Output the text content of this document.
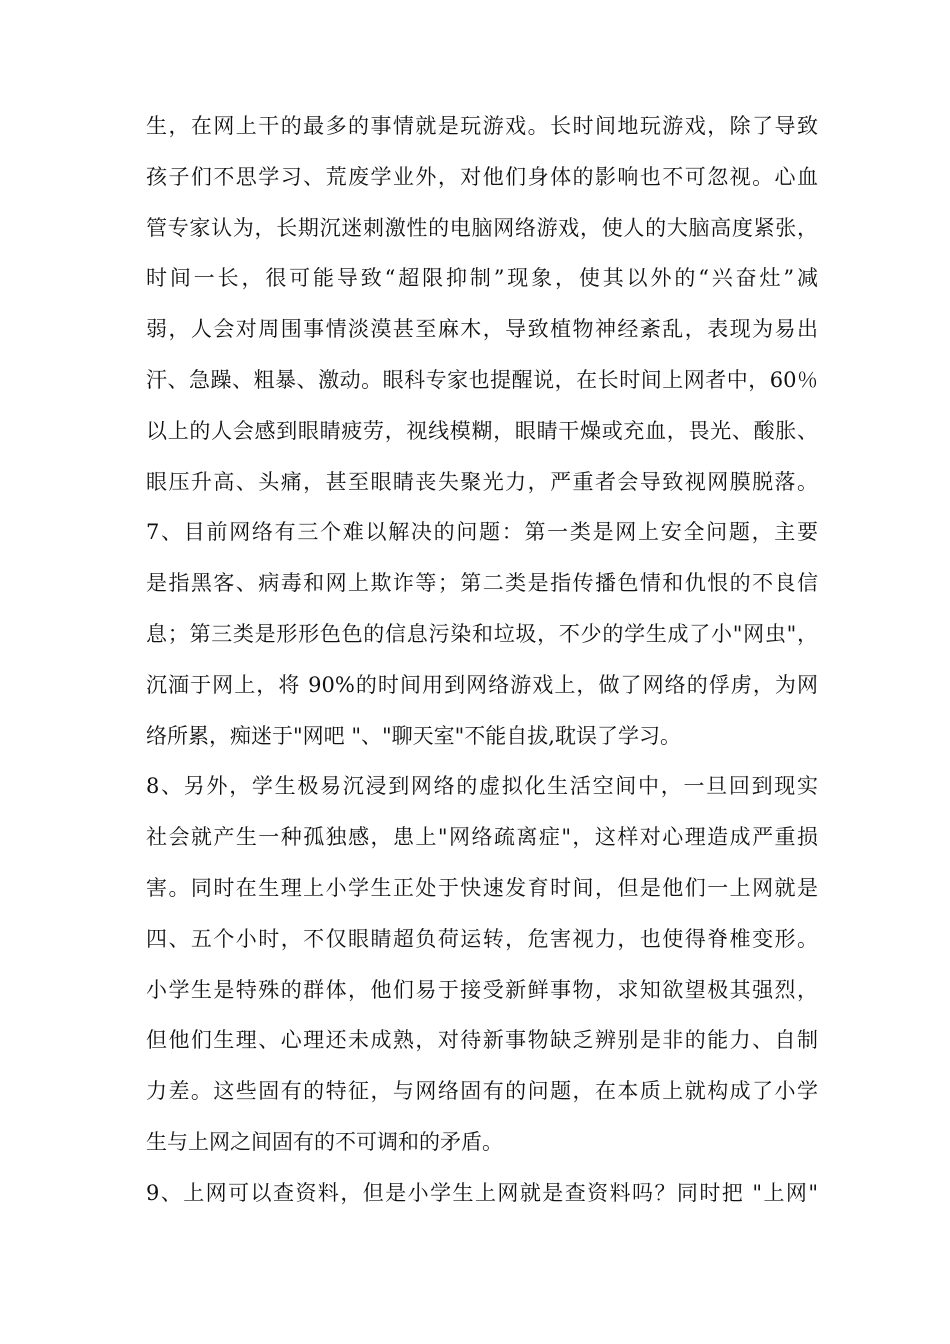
生，在网上干的最多的事情就是玩游戏。长时间地玩游戏，除了导致
孩子们不思学习、荒废学业外，对他们身体的影响也不可忽视。心血
管专家认为，长期沉迷刺激性的电脑网络游戏，使人的大脑高度紧张，
时间一长，很可能导致“超限抑制”现象，使其以外的“兴奋灶”减
弱，人会对周围事情淡漠甚至麻木，导致植物神经紊乱，表现为易出
汗、急躁、粗暴、激动。眼科专家也提醒说，在长时间上网者中，60％
以上的人会感到眼睛疲劳，视线模糊，眼睛干燥或充血，畏光、酸胀、
眼压升高、头痛，甚至眼睛丧失聚光力，严重者会导致视网膜脱落。
7、目前网络有三个难以解决的问题：第一类是网上安全问题，主要
是指黑客、病毒和网上欺诈等；第二类是指传播色情和仇恨的不良信
息；第三类是形形色色的信息污染和垃圾，不少的学生成了小"网虫"，
沉湎于网上，将 90%的时间用到网络游戏上，做了网络的俘虏，为网
络所累，痴迷于"网吧 "、"聊天室"不能自拔,耽误了学习。
8、另外，学生极易沉浸到网络的虚拟化生活空间中，一旦回到现实
社会就产生一种孤独感，患上"网络疏离症"，这样对心理造成严重损
害。同时在生理上小学生正处于快速发育时间，但是他们一上网就是
四、五个小时，不仅眼睛超负荷运转，危害视力，也使得脊椎变形。
小学生是特殊的群体，他们易于接受新鲜事物，求知欲望极其强烈，
但他们生理、心理还未成熟，对待新事物缺乏辨别是非的能力、自制
力差。这些固有的特征，与网络固有的问题，在本质上就构成了小学
生与上网之间固有的不可调和的矛盾。
9、上网可以查资料，但是小学生上网就是查资料吗？同时把 "上网"
